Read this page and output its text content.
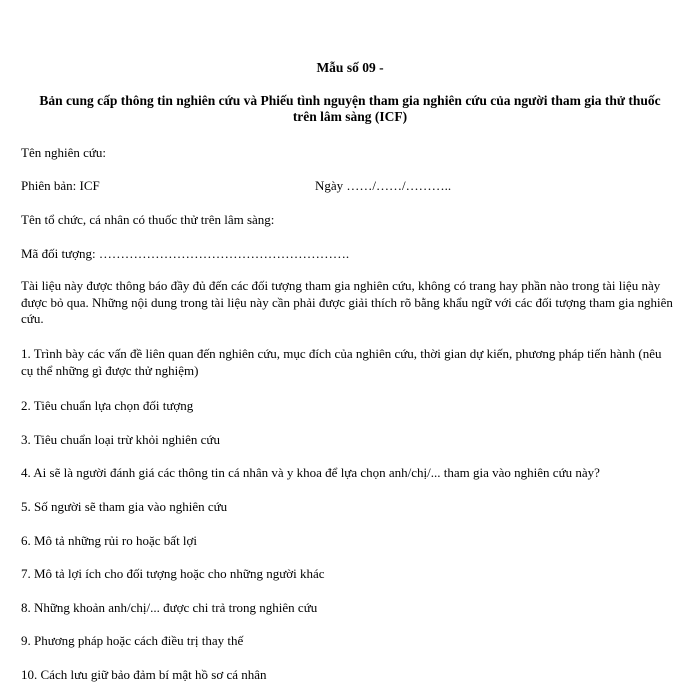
Mẫu số 09 -
Bản cung cấp thông tin nghiên cứu và Phiếu tình nguyện tham gia nghiên cứu của người tham gia thử thuốc trên lâm sàng (ICF)
Tên nghiên cứu:
Phiên bản: ICF	Ngày ……/……/………..
Tên tổ chức, cá nhân có thuốc thử trên lâm sàng:
Mã đối tượng: ………………………………………………….
Tài liệu này được thông báo đầy đủ đến các đối tượng tham gia nghiên cứu, không có trang hay phần nào trong tài liệu này được bỏ qua. Những nội dung trong tài liệu này cần phải được giải thích rõ bằng khẩu ngữ với các đối tượng tham gia nghiên cứu.
1. Trình bày các vấn đề liên quan đến nghiên cứu, mục đích của nghiên cứu, thời gian dự kiến, phương pháp tiến hành (nêu cụ thể những gì được thử nghiệm)
2. Tiêu chuẩn lựa chọn đối tượng
3. Tiêu chuẩn loại trừ khỏi nghiên cứu
4. Ai sẽ là người đánh giá các thông tin cá nhân và y khoa để lựa chọn anh/chị/... tham gia vào nghiên cứu này?
5. Số người sẽ tham gia vào nghiên cứu
6. Mô tả những rủi ro hoặc bất lợi
7. Mô tả lợi ích cho đối tượng hoặc cho những người khác
8. Những khoản anh/chị/... được chi trả trong nghiên cứu
9. Phương pháp hoặc cách điều trị thay thế
10. Cách lưu giữ bảo đảm bí mật hồ sơ cá nhân
